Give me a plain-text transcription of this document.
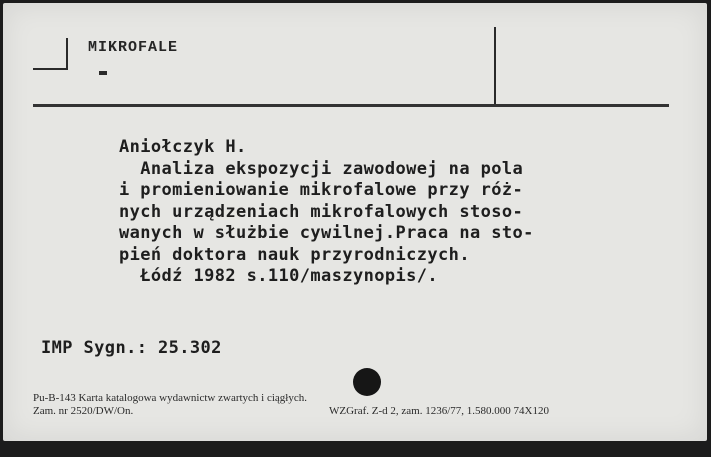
MIKROFALE
Aniołczyk H.
Analiza ekspozycji zawodowej na pola
i promieniowanie mikrofalowe przy róż-
nych urządzeniach mikrofalowych stoso-
wanych w służbie cywilnej.Praca na sto-
pień doktora nauk przyrodniczych.
Łódź 1982 s.110/maszynopis/.
IMP Sygn.: 25.302

Pu-B-143 Karta katalogowa wydawnictw zwartych i ciągłych.

Zam. nr 2520/DW/On.

	WZGraf. Z-d 2, zam. 1236/77, 1.580.000 74X120
